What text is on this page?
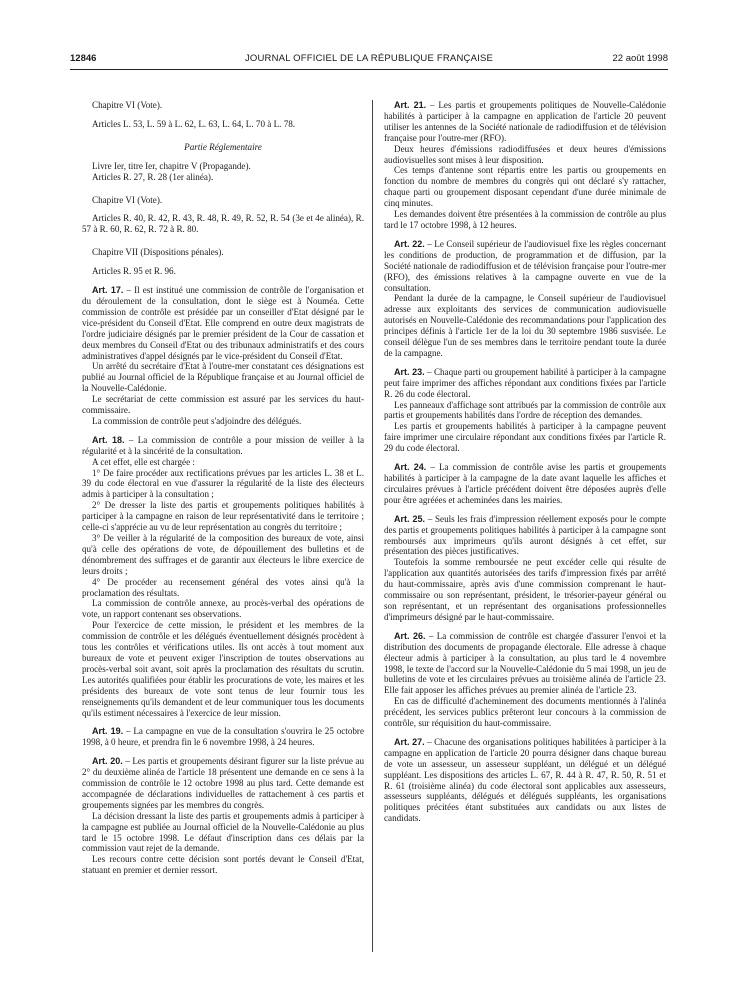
12846	JOURNAL OFFICIEL DE LA RÉPUBLIQUE FRANÇAISE	22 août 1998

Chapitre VI (Vote).

Articles L. 53, L. 59 à L. 62, L. 63, L. 64, L. 70 à L. 78.

Partie Réglementaire

Livre Ier, titre Ier, chapitre V (Propagande).

Articles R. 27, R. 28 (1er alinéa).

Chapitre VI (Vote).

Articles R. 40, R. 42, R. 43, R. 48, R. 49, R. 52, R. 54 (3e et 4e alinéa), R. 57 à R. 60, R. 62, R. 72 à R. 80.

Chapitre VII (Dispositions pénales).

Articles R. 95 et R. 96.

Art. 17. – Il est institué une commission de contrôle de l'organisation et du déroulement de la consultation, dont le siège est à Nouméa. Cette commission de contrôle est présidée par un conseiller d'Etat désigné par le vice-président du Conseil d'Etat. Elle comprend en outre deux magistrats de l'ordre judiciaire désignés par le premier président de la Cour de cassation et deux membres du Conseil d'Etat ou des tribunaux administratifs et des cours administratives d'appel désignés par le vice-président du Conseil d'Etat.

Un arrêté du secrétaire d'Etat à l'outre-mer constatant ces désignations est publié au Journal officiel de la République française et au Journal officiel de la Nouvelle-Calédonie.

Le secrétariat de cette commission est assuré par les services du haut-commissaire.

La commission de contrôle peut s'adjoindre des délégués.

Art. 18. – La commission de contrôle a pour mission de veiller à la régularité et à la sincérité de la consultation.

A cet effet, elle est chargée :

1° De faire procéder aux rectifications prévues par les articles L. 38 et L. 39 du code électoral en vue d'assurer la régularité de la liste des électeurs admis à participer à la consultation ;

2° De dresser la liste des partis et groupements politiques habilités à participer à la campagne en raison de leur représentativité dans le territoire ; celle-ci s'apprécie au vu de leur représentation au congrès du territoire ;

3° De veiller à la régularité de la composition des bureaux de vote, ainsi qu'à celle des opérations de vote, de dépouillement des bulletins et de dénombrement des suffrages et de garantir aux électeurs le libre exercice de leurs droits ;

4° De procéder au recensement général des votes ainsi qu'à la proclamation des résultats.

La commission de contrôle annexe, au procès-verbal des opérations de vote, un rapport contenant ses observations.

Pour l'exercice de cette mission, le président et les membres de la commission de contrôle et les délégués éventuellement désignés procèdent à tous les contrôles et vérifications utiles. Ils ont accès à tout moment aux bureaux de vote et peuvent exiger l'inscription de toutes observations au procès-verbal soit avant, soit après la proclamation des résultats du scrutin. Les autorités qualifiées pour établir les procurations de vote, les maires et les présidents des bureaux de vote sont tenus de leur fournir tous les renseignements qu'ils demandent et de leur communiquer tous les documents qu'ils estiment nécessaires à l'exercice de leur mission.

Art. 19. – La campagne en vue de la consultation s'ouvrira le 25 octobre 1998, à 0 heure, et prendra fin le 6 novembre 1998, à 24 heures.

Art. 20. – Les partis et groupements désirant figurer sur la liste prévue au 2° du deuxième alinéa de l'article 18 présentent une demande en ce sens à la commission de contrôle le 12 octobre 1998 au plus tard. Cette demande est accompagnée de déclarations individuelles de rattachement à ces partis et groupements signées par les membres du congrès.

La décision dressant la liste des partis et groupements admis à participer à la campagne est publiée au Journal officiel de la Nouvelle-Calédonie au plus tard le 15 octobre 1998. Le défaut d'inscription dans ces délais par la commission vaut rejet de la demande.

Les recours contre cette décision sont portés devant le Conseil d'Etat, statuant en premier et dernier ressort.

Art. 21. – Les partis et groupements politiques de Nouvelle-Calédonie habilités à participer à la campagne en application de l'article 20 peuvent utiliser les antennes de la Société nationale de radiodiffusion et de télévision française pour l'outre-mer (RFO).

Deux heures d'émissions radiodiffusées et deux heures d'émissions audiovisuelles sont mises à leur disposition.

Ces temps d'antenne sont répartis entre les partis ou groupements en fonction du nombre de membres du congrès qui ont déclaré s'y rattacher, chaque parti ou groupement disposant cependant d'une durée minimale de cinq minutes.

Les demandes doivent être présentées à la commission de contrôle au plus tard le 17 octobre 1998, à 12 heures.

Art. 22. – Le Conseil supérieur de l'audiovisuel fixe les règles concernant les conditions de production, de programmation et de diffusion, par la Société nationale de radiodiffusion et de télévision française pour l'outre-mer (RFO), des émissions relatives à la campagne ouverte en vue de la consultation.

Pendant la durée de la campagne, le Conseil supérieur de l'audiovisuel adresse aux exploitants des services de communication audiovisuelle autorisés en Nouvelle-Calédonie des recommandations pour l'application des principes définis à l'article 1er de la loi du 30 septembre 1986 susvisée. Le conseil délègue l'un de ses membres dans le territoire pendant toute la durée de la campagne.

Art. 23. – Chaque parti ou groupement habilité à participer à la campagne peut faire imprimer des affiches répondant aux conditions fixées par l'article R. 26 du code électoral.

Les panneaux d'affichage sont attribués par la commission de contrôle aux partis et groupements habilités dans l'ordre de réception des demandes.

Les partis et groupements habilités à participer à la campagne peuvent faire imprimer une circulaire répondant aux conditions fixées par l'article R. 29 du code électoral.

Art. 24. – La commission de contrôle avise les partis et groupements habilités à participer à la campagne de la date avant laquelle les affiches et circulaires prévues à l'article précédent doivent être déposées auprès d'elle pour être agréées et acheminées dans les mairies.

Art. 25. – Seuls les frais d'impression réellement exposés pour le compte des partis et groupements politiques habilités à participer à la campagne sont remboursés aux imprimeurs qu'ils auront désignés à cet effet, sur présentation des pièces justificatives.

Toutefois la somme remboursée ne peut excéder celle qui résulte de l'application aux quantités autorisées des tarifs d'impression fixés par arrêté du haut-commissaire, après avis d'une commission comprenant le haut-commissaire ou son représentant, président, le trésorier-payeur général ou son représentant, et un représentant des organisations professionnelles d'imprimeurs désigné par le haut-commissaire.

Art. 26. – La commission de contrôle est chargée d'assurer l'envoi et la distribution des documents de propagande électorale. Elle adresse à chaque électeur admis à participer à la consultation, au plus tard le 4 novembre 1998, le texte de l'accord sur la Nouvelle-Calédonie du 5 mai 1998, un jeu de bulletins de vote et les circulaires prévues au troisième alinéa de l'article 23. Elle fait apposer les affiches prévues au premier alinéa de l'article 23.

En cas de difficulté d'acheminement des documents mentionnés à l'alinéa précédent, les services publics prêteront leur concours à la commission de contrôle, sur réquisition du haut-commissaire.

Art. 27. – Chacune des organisations politiques habilitées à participer à la campagne en application de l'article 20 pourra désigner dans chaque bureau de vote un assesseur, un assesseur suppléant, un délégué et un délégué suppléant. Les dispositions des articles L. 67, R. 44 à R. 47, R. 50, R. 51 et R. 61 (troisième alinéa) du code électoral sont applicables aux assesseurs, assesseurs suppléants, délégués et délégués suppléants, les organisations politiques précitées étant substituées aux candidats ou aux listes de candidats.
